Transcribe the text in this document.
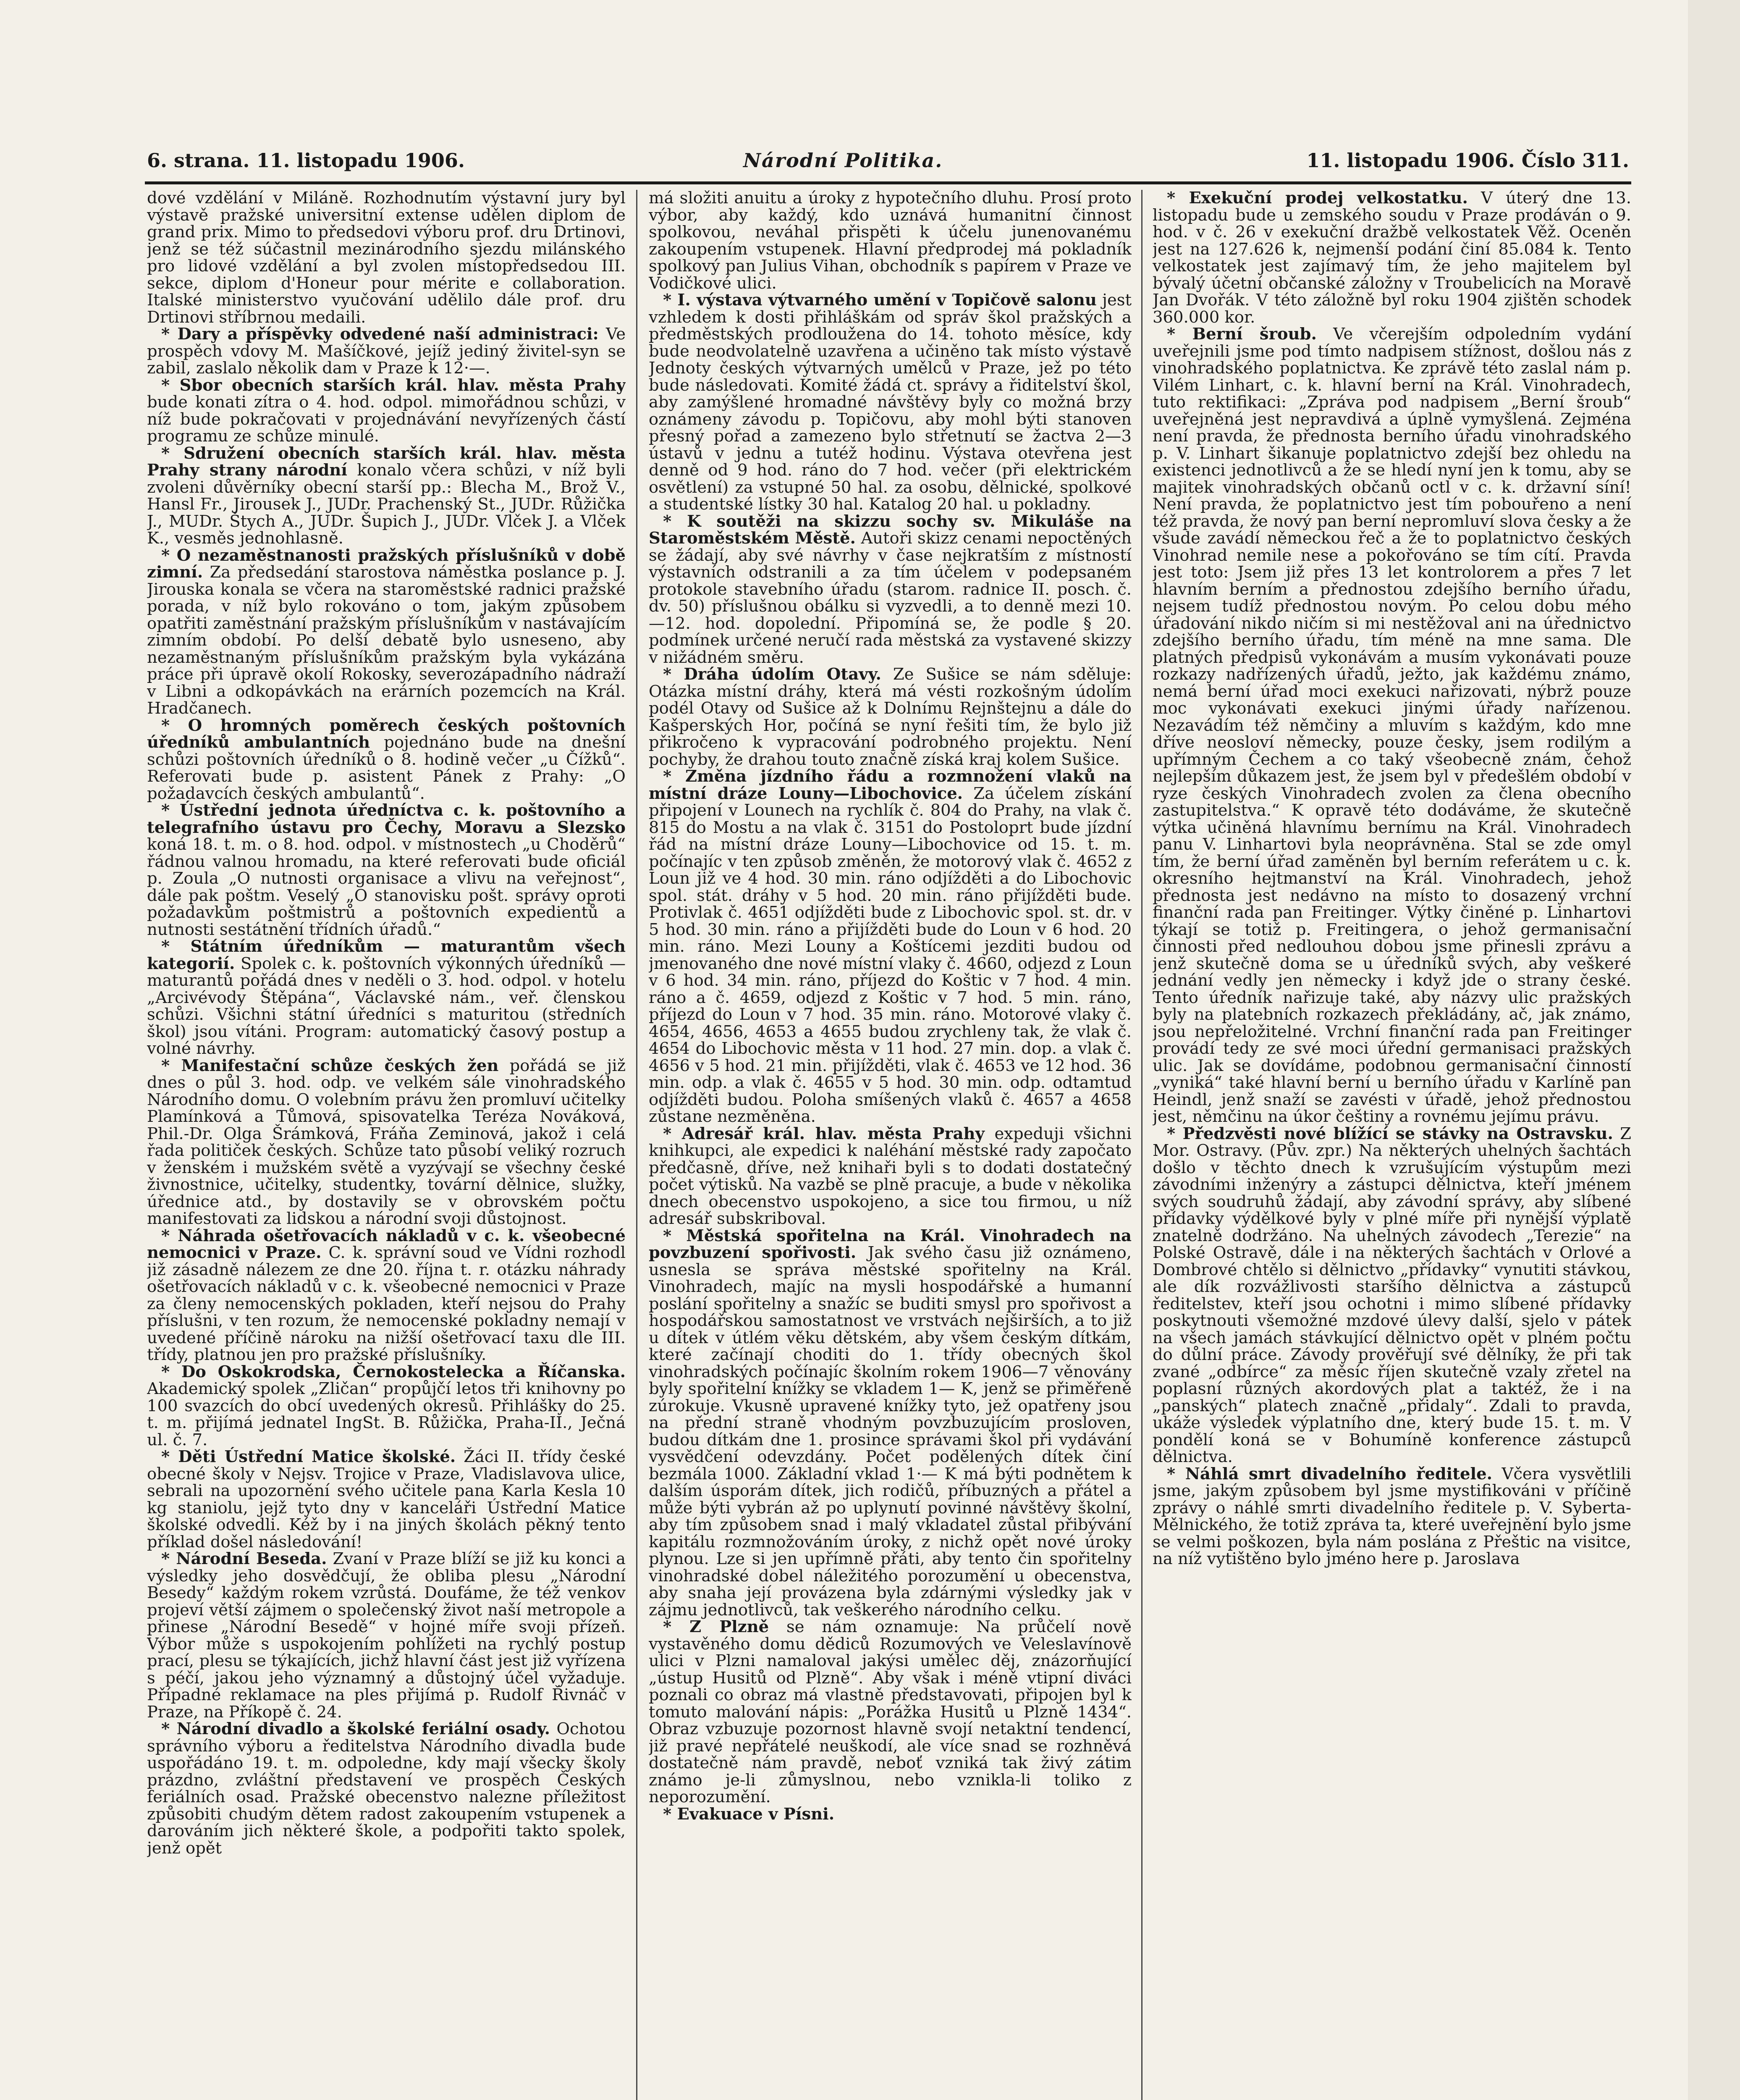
6. strana. 11. listopadu 1906.	Národní Politika.	11. listopadu 1906. Číslo 311.

dové vzdělání v Miláně. Rozhodnutím výstavní jury byl výstavě pražské universitní extense udělen diplom de grand prix. Mimo to předsedovi výboru prof. dru Drtinovi, jenž se též súčastnil mezinárodního sjezdu milánského pro lidové vzdělání a byl zvolen místopředsedou III. sekce, diplom d'Honeur pour mérite e collaboration. Italské ministerstvo vyučování udělilo dále prof. dru Drtinovi stříbrnou medaili.

* Dary a příspěvky odvedené naší administraci: Ve prospěch vdovy M. Mašíčkové, jejíž jediný živitel-syn se zabil, zaslalo několik dam v Praze k 12·—.

* Sbor obecních starších král. hlav. města Prahy bude konati zítra o 4. hod. odpol. mimořádnou schůzi, v níž bude pokračovati v projednávání nevyřízených částí programu ze schůze minulé.

* Sdružení obecních starších král. hlav. města Prahy strany národní konalo včera schůzi, v níž byli zvoleni důvěrníky obecní starší pp.: Blecha M., Brož V., Hansl Fr., Jirousek J., JUDr. Prachenský St., JUDr. Růžička J., MUDr. Štych A., JUDr. Šupich J., JUDr. Vlček J. a Vlček K., vesměs jednohlasně.

* O nezaměstnanosti pražských příslušníků v době zimní. Za předsedání starostova náměstka poslance p. J. Jirouska konala se včera na staroměstské radnici pražské porada, v níž bylo rokováno o tom, jakým způsobem opatřiti zaměstnání pražským příslušníkům v nastávajícím zimním období. Po delší debatě bylo usneseno, aby nezaměstnaným příslušníkům pražským byla vykázána práce při úpravě okolí Rokosky, severozápadního nádraží v Libni a odkopávkách na erárních pozemcích na Král. Hradčanech.

* O hromných poměrech českých poštovních úředníků ambulantních pojednáno bude na dnešní schůzi poštovních úředníků o 8. hodině večer „u Čížků“. Referovati bude p. asistent Pánek z Prahy: „O požadavcích českých ambulantů“.

* Ústřední jednota úředníctva c. k. poštovního a telegrafního ústavu pro Čechy, Moravu a Slezsko koná 18. t. m. o 8. hod. odpol. v místnostech „u Choděrů“ řádnou valnou hromadu, na které referovati bude oficiál p. Zoula „O nutnosti organisace a vlivu na veřejnost“, dále pak poštm. Veselý „O stanovisku pošt. správy oproti požadavkům poštmistrů a poštovních expedientů a nutnosti sestátnění třídních úřadů.“

* Státním úředníkům — maturantům všech kategorií. Spolek c. k. poštovních výkonných úředníků — maturantů pořádá dnes v neděli o 3. hod. odpol. v hotelu „Arcivévody Štěpána“, Václavské nám., veř. členskou schůzi. Všichni státní úředníci s maturitou (středních škol) jsou vítáni. Program: automatický časový postup a volné návrhy.

* Manifestační schůze českých žen pořádá se již dnes o půl 3. hod. odp. ve velkém sále vinohradského Národního domu. O volebním právu žen promluví učitelky Plamínková a Tůmová, spisovatelka Teréza Nováková, Phil.-Dr. Olga Šrámková, Fráňa Zeminová, jakož i celá řada političek českých. Schůze tato působí veliký rozruch v ženském i mužském světě a vyzývají se všechny české živnostnice, učitelky, studentky, tovární dělnice, služky, úřednice atd., by dostavily se v obrovském počtu manifestovati za lidskou a národní svoji důstojnost.

* Náhrada ošetřovacích nákladů v c. k. všeobecné nemocnici v Praze. C. k. správní soud ve Vídni rozhodl již zásadně nálezem ze dne 20. října t. r. otázku náhrady ošetřovacích nákladů v c. k. všeobecné nemocnici v Praze za členy nemocenských pokladen, kteří nejsou do Prahy příslušni, v ten rozum, že nemocenské pokladny nemají v uvedené příčině nároku na nižší ošetřovací taxu dle III. třídy, platnou jen pro pražské příslušníky.

* Do Oskokrodska, Černokostelecka a Říčanska. Akademický spolek „Zličan“ propůjčí letos tři knihovny po 100 svazcích do obcí uvedených okresů. Přihlášky do 25. t. m. přijímá jednatel IngSt. B. Růžička, Praha-II., Ječná ul. č. 7.

* Děti Ústřední Matice školské. Žáci II. třídy české obecné školy v Nejsv. Trojice v Praze, Vladislavova ulice, sebrali na upozornění svého učitele pana Karla Kesla 10 kg staniolu, jejž tyto dny v kanceláři Ústřední Matice školské odvedli. Kéž by i na jiných školách pěkný tento příklad došel následování!

* Národní Beseda. Zvaní v Praze blíží se již ku konci a výsledky jeho dosvědčují, že obliba plesu „Národní Besedy“ každým rokem vzrůstá. Doufáme, že též venkov projeví větší zájmem o společenský život naší metropole a přinese „Národní Besedě“ v hojné míře svoji přízeň. Výbor může s uspokojením pohlížeti na rychlý postup prací, plesu se týkajících, jichž hlavní část jest již vyřízena s péčí, jakou jeho významný a důstojný účel vyžaduje. Případné reklamace na ples přijímá p. Rudolf Řivnáč v Praze, na Příkopě č. 24.

* Národní divadlo a školské feriální osady. Ochotou správního výboru a ředitelstva Národního divadla bude uspořádáno 19. t. m. odpoledne, kdy mají všecky školy prázdno, zvláštní představení ve prospěch Českých feriálních osad. Pražské obecenstvo nalezne příležitost způsobiti chudým dětem radost zakoupením vstupenek a darováním jich některé škole, a podpořiti takto spolek, jenž opět

má složiti anuitu a úroky z hypotečního dluhu. Prosí proto výbor, aby každý, kdo uznává humanitní činnost spolkovou, neváhal přispěti k účelu junenovanému zakoupením vstupenek. Hlavní předprodej má pokladník spolkový pan Julius Vihan, obchodník s papírem v Praze ve Vodičkové ulici.

* I. výstava výtvarného umění v Topičově salonu jest vzhledem k dosti přihláškám od správ škol pražských a předměstských prodloužena do 14. tohoto měsíce, kdy bude neodvolatelně uzavřena a učiněno tak místo výstavě Jednoty českých výtvarných umělců v Praze, jež po této bude následovati. Komité žádá ct. správy a řiditelství škol, aby zamýšlené hromadné návštěvy byly co možná brzy oznámeny závodu p. Topičovu, aby mohl býti stanoven přesný pořad a zamezeno bylo střetnutí se žactva 2—3 ústavů v jednu a tutéž hodinu. Výstava otevřena jest denně od 9 hod. ráno do 7 hod. večer (při elektrickém osvětlení) za vstupné 50 hal. za osobu, dělnické, spolkové a studentské lístky 30 hal. Katalog 20 hal. u pokladny.

* K soutěži na skizzu sochy sv. Mikuláše na Staroměstském Městě. Autoři skizz cenami nepoctěných se žádají, aby své návrhy v čase nejkratším z místností výstavních odstranili a za tím účelem v podepsaném protokole stavebního úřadu (starom. radnice II. posch. č. dv. 50) příslušnou obálku si vyzvedli, a to denně mezi 10.—12. hod. dopolední. Připomíná se, že podle § 20. podmínek určené neručí rada městská za vystavené skizzy v nižádném směru.

* Dráha údolím Otavy. Ze Sušice se nám sděluje: Otázka místní dráhy, která má vésti rozkošným údolím podél Otavy od Sušice až k Dolnímu Rejnštejnu a dále do Kašperských Hor, počíná se nyní řešiti tím, že bylo již přikročeno k vypracování podrobného projektu. Není pochyby, že drahou touto značně získá kraj kolem Sušice.

* Změna jízdního řádu a rozmnožení vlaků na místní dráze Louny—Libochovice. Za účelem získání připojení v Lounech na rychlík č. 804 do Prahy, na vlak č. 815 do Mostu a na vlak č. 3151 do Postoloprt bude jízdní řád na místní dráze Louny—Libochovice od 15. t. m. počínajíc v ten způsob změněn, že motorový vlak č. 4652 z Loun již ve 4 hod. 30 min. ráno odjížděti a do Libochovic spol. stát. dráhy v 5 hod. 20 min. ráno přijížděti bude. Protivlak č. 4651 odjížděti bude z Libochovic spol. st. dr. v 5 hod. 30 min. ráno a přijížděti bude do Loun v 6 hod. 20 min. ráno. Mezi Louny a Koštícemi jezditi budou od jmenovaného dne nové místní vlaky č. 4660, odjezd z Loun v 6 hod. 34 min. ráno, příjezd do Koštic v 7 hod. 4 min. ráno a č. 4659, odjezd z Koštic v 7 hod. 5 min. ráno, příjezd do Loun v 7 hod. 35 min. ráno. Motorové vlaky č. 4654, 4656, 4653 a 4655 budou zrychleny tak, že vlak č. 4654 do Libochovic města v 11 hod. 27 min. dop. a vlak č. 4656 v 5 hod. 21 min. přijížděti, vlak č. 4653 ve 12 hod. 36 min. odp. a vlak č. 4655 v 5 hod. 30 min. odp. odtamtud odjížděti budou. Poloha smíšených vlaků č. 4657 a 4658 zůstane nezměněna.

* Adresář král. hlav. města Prahy expeduji všichni knihkupci, ale expedici k naléhání městské rady započato předčasně, dříve, než knihaři byli s to dodati dostatečný počet výtisků. Na vazbě se plně pracuje, a bude v několika dnech obecenstvo uspokojeno, a sice tou firmou, u níž adresář subskriboval.

* Městská spořitelna na Král. Vinohradech na povzbuzení spořivosti. Jak svého času již oznámeno, usnesla se správa městské spořitelny na Král. Vinohradech, majíc na mysli hospodářské a humanní poslání spořitelny a snažíc se buditi smysl pro spořivost a hospodářskou samostatnost ve vrstvách nejširších, a to již u dítek v útlém věku dětském, aby všem českým dítkám, které začínají choditi do 1. třídy obecných škol vinohradských počínajíc školním rokem 1906—7 věnovány byly spořitelní knížky se vkladem 1— K, jenž se přiměřeně zúrokuje. Vkusně upravené knížky tyto, jež opatřeny jsou na přední straně vhodným povzbuzujícím prosloven, budou dítkám dne 1. prosince správami škol při vydávání vysvědčení odevzdány. Počet podělených dítek činí bezmála 1000. Základní vklad 1·— K má býti podnětem k dalším úsporám dítek, jich rodičů, příbuzných a přátel a může býti vybrán až po uplynutí povinné návštěvy školní, aby tím způsobem snad i malý vkladatel zůstal přibývání kapitálu rozmnožováním úroky, z nichž opět nové úroky plynou. Lze si jen upřímně přáti, aby tento čin spořitelny vinohradské dobel náležitého porozumění u obecenstva, aby snaha její provázena byla zdárnými výsledky jak v zájmu jednotlivců, tak veškerého národního celku.

* Z Plzně se nám oznamuje: Na průčelí nově vystavěného domu dědiců Rozumových ve Veleslavínově ulici v Plzni namaloval jakýsi umělec děj, znázorňující „ústup Husitů od Plzně“. Aby však i méně vtipní diváci poznali co obraz má vlastně představovati, připojen byl k tomuto malování nápis: „Porážka Husitů u Plzně 1434“. Obraz vzbuzuje pozornost hlavně svojí netaktní tendencí, již pravé nepřátelé neuškodí, ale více snad se rozhněvá dostatečně nám pravdě, neboť vzniká tak živý zátim známo je-li zůmyslnou, nebo vznikla-li toliko z neporozumění.

* Evakuace v Písni.

* Exekuční prodej velkostatku. V úterý dne 13. listopadu bude u zemského soudu v Praze prodáván o 9. hod. v č. 26 v exekuční dražbě velkostatek Věž. Oceněn jest na 127.626 k, nejmenší podání činí 85.084 k. Tento velkostatek jest zajímavý tím, že jeho majitelem byl bývalý účetní občanské záložny v Troubelicích na Moravě Jan Dvořák. V této záložně byl roku 1904 zjištěn schodek 360.000 kor.

* Berní šroub. Ve včerejším odpoledním vydání uveřejnili jsme pod tímto nadpisem stížnost, došlou nás z vinohradského poplatnictva. Ke zprávě této zaslal nám p. Vilém Linhart, c. k. hlavní berní na Král. Vinohradech, tuto rektifikaci: „Zpráva pod nadpisem „Berní šroub“ uveřejněná jest nepravdivá a úplně vymyšlená. Zejména není pravda, že přednosta berního úřadu vinohradského p. V. Linhart šikanuje poplatnictvo zdejší bez ohledu na existenci jednotlivců a že se hledí nyní jen k tomu, aby se majitek vinohradských občanů octl v c. k. državní síní! Není pravda, že poplatnictvo jest tím pobouřeno a není též pravda, že nový pan berní nepromluví slova česky a že všude zavádí německou řeč a že to poplatnictvo českých Vinohrad nemile nese a pokořováno se tím cítí. Pravda jest toto: Jsem již přes 13 let kontrolorem a přes 7 let hlavním berním a přednostou zdejšího berního úřadu, nejsem tudíž přednostou novým. Po celou dobu mého úřadování nikdo ničím si mi nestěžoval ani na úřednictvo zdejšího berního úřadu, tím méně na mne sama. Dle platných předpisů vykonávám a musím vykonávati pouze rozkazy nadřízených úřadů, ježto, jak každému známo, nemá berní úřad moci exekuci nařizovati, nýbrž pouze moc vykonávati exekuci jinými úřady nařízenou. Nezavádím též němčiny a mluvím s každým, kdo mne dříve neosloví německy, pouze česky, jsem rodilým a upřímným Čechem a co taký všeobecně znám, čehož nejlepším důkazem jest, že jsem byl v předešlém období v ryze českých Vinohradech zvolen za člena obecního zastupitelstva.“ K opravě této dodáváme, že skutečně výtka učiněná hlavnímu bernímu na Král. Vinohradech panu V. Linhartovi byla neoprávněna. Stal se zde omyl tím, že berní úřad zaměněn byl berním referátem u c. k. okresního hejtmanství na Král. Vinohradech, jehož přednosta jest nedávno na místo to dosazený vrchní finanční rada pan Freitinger. Výtky činěné p. Linhartovi týkají se totiž p. Freitingera, o jehož germanisační činnosti před nedlouhou dobou jsme přinesli zprávu a jenž skutečně doma se u úředníků svých, aby veškeré jednání vedly jen německy i když jde o strany české. Tento úředník nařizuje také, aby názvy ulic pražských byly na platebních rozkazech překládány, ač, jak známo, jsou nepřeložitelné. Vrchní finanční rada pan Freitinger provádí tedy ze své moci úřední germanisaci pražských ulic. Jak se dovídáme, podobnou germanisační činností „vyniká“ také hlavní berní u berního úřadu v Karlíně pan Heindl, jenž snaží se zavésti v úřadě, jehož přednostou jest, němčinu na úkor češtiny a rovnému jejímu právu.

* Předzvěsti nové blížící se stávky na Ostravsku. Z Mor. Ostravy. (Pův. zpr.) Na některých uhelných šachtách došlo v těchto dnech k vzrušujícím výstupům mezi závodními inženýry a zástupci dělnictva, kteří jménem svých soudruhů žádají, aby závodní správy, aby slíbené přídavky výdělkové byly v plné míře při nynější výplatě znatelně dodržáno. Na uhelných závodech „Terezie“ na Polské Ostravě, dále i na některých šachtách v Orlové a Dombrové chtělo si dělnictvo „přídavky“ vynutiti stávkou, ale dík rozvážlivosti staršího dělnictva a zástupců ředitelstev, kteří jsou ochotni i mimo slíbené přídavky poskytnouti všemožné mzdové úlevy další, sjelo v pátek na všech jamách stávkující dělnictvo opět v plném počtu do důlní práce. Závody prověřují své dělníky, že při tak zvané „odbírce“ za měsíc říjen skutečně vzaly zřetel na poplasní různých akordových plat a taktéž, že i na „panských“ platech značně „přidaly“. Zdali to pravda, ukáže výsledek výplatního dne, který bude 15. t. m. V pondělí koná se v Bohumíně konference zástupců dělnictva.

* Náhlá smrt divadelního ředitele. Včera vysvětlili jsme, jakým způsobem byl jsme mystifikováni v příčině zprávy o náhlé smrti divadelního ředitele p. V. Syberta-Mělnického, že totiž zpráva ta, které uveřejnění bylo jsme se velmi poškozen, byla nám poslána z Přeštic na visitce, na níž vytištěno bylo jméno here p. Jaroslava
